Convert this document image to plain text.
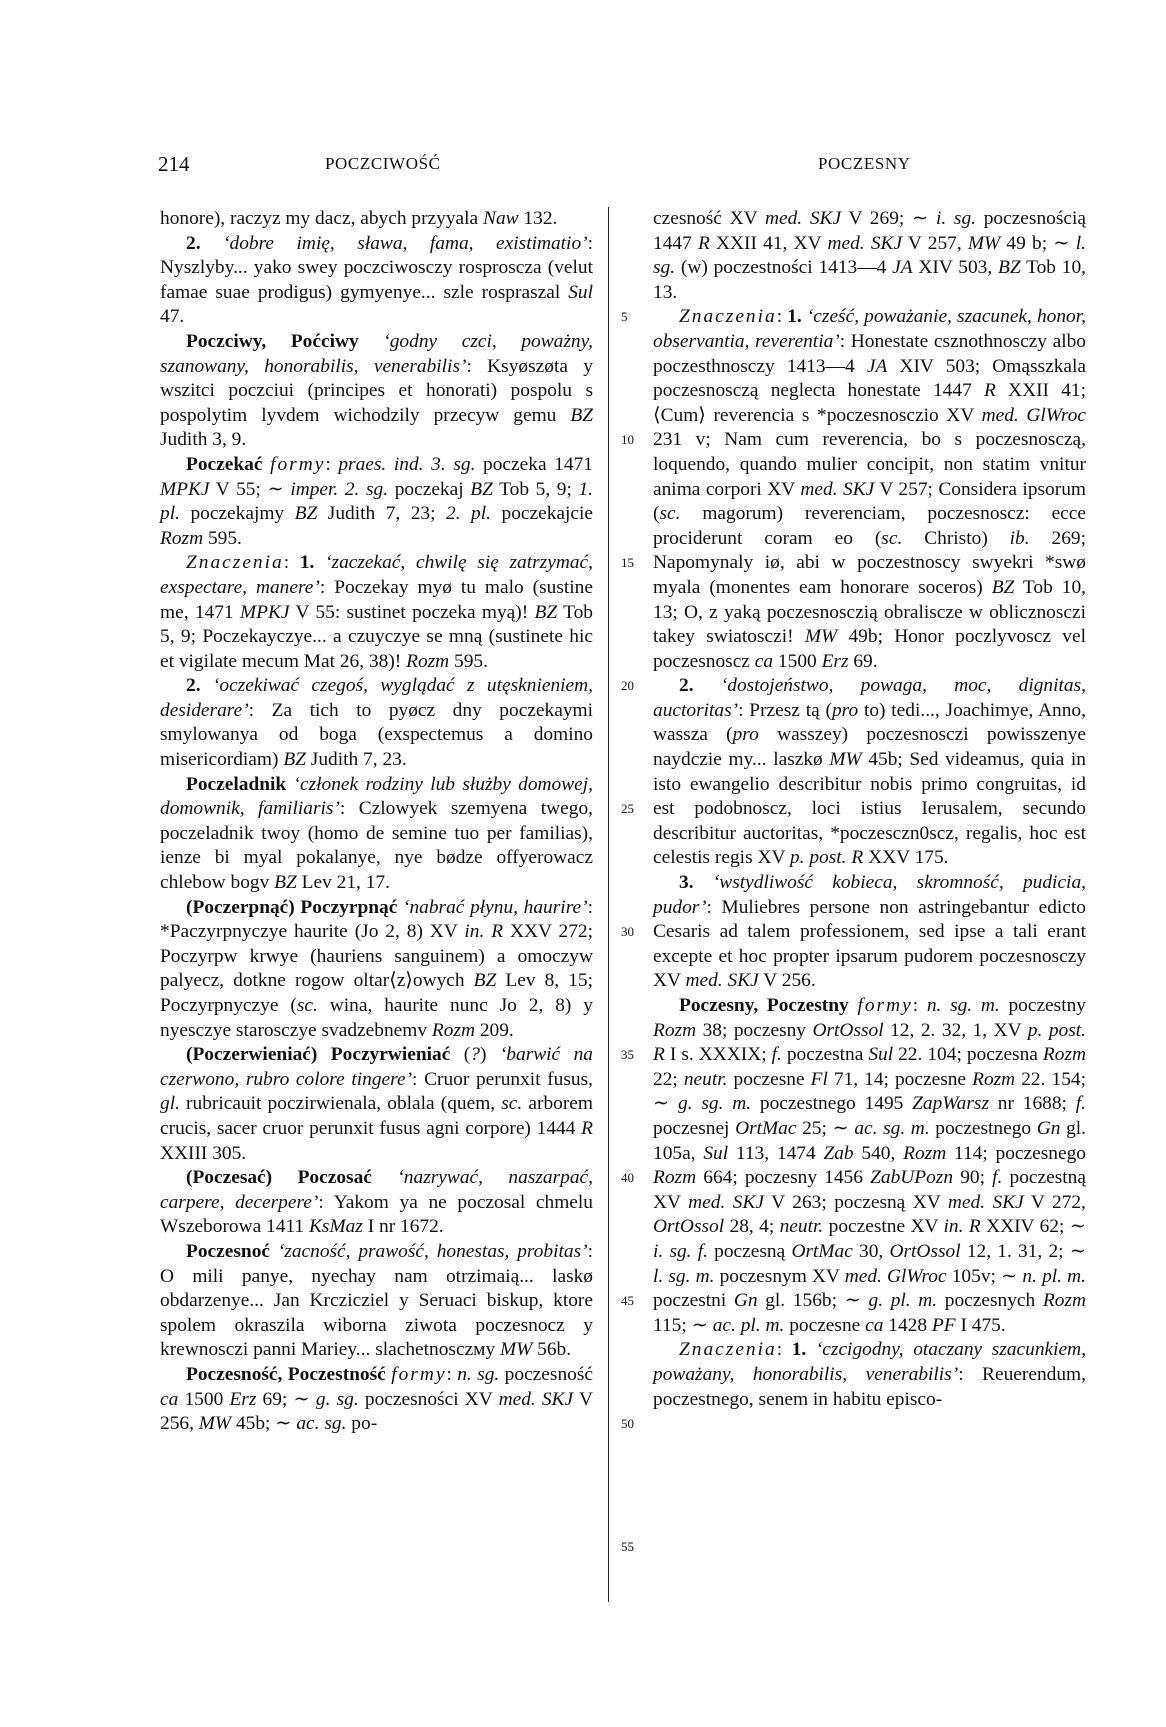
214	POCZCIWOŚĆ	POCZESNY

honore), raczyz my dacz, abych przyyala Naw 132.

2. ‘dobre imię, sława, fama, existimatio’: Nyszlyby... yako swey poczciwosczy rosproscza (velut famae suae prodigus) gymyenye... szle rospraszal Sul 47.

Poczciwy, Pоćciwy ‘godny czci, poważny, szanowany, honorabilis, venerabilis’: Ksyøszøta y wszitci poczciui (principes et honorati) pospolu s pospolytim lyvdem wichodzily przecyw gemu BZ Judith 3, 9.

Poczekać formy: praes. ind. 3. sg. poczeka 1471 MPKJ V 55; ∼ imper. 2. sg. poczekaj BZ Tob 5, 9; 1. pl. poczekajmy BZ Judith 7, 23; 2. pl. poczekajcie Rozm 595.

Znaczenia: 1. ‘zaczekać, chwilę się zatrzymać, exspectare, manere’: Poczekay myø tu malo (sustine me, 1471 MPKJ V 55: sustinet poczeka myą)! BZ Tob 5, 9; Poczekayczye... a czuyczye se mną (sustinete hic et vigilate mecum Mat 26, 38)! Rozm 595.

2. ‘oczekiwać czegoś, wyglądać z utęsknieniem, desiderare’: Za tich to pyøcz dny poczekaymi smylowanya od boga (exspectemus a domino misericordiam) BZ Judith 7, 23.

Poczeladnik ‘członek rodziny lub służby domowej, domownik, familiaris’: Czlowyek szemyena twego, poczeladnik twoy (homo de semine tuo per familias), ienze bi myal pokalanye, nye bødze offyerowacz chlebow bogv BZ Lev 21, 17.

(Poczerpnąć) Poczyrpnąć ‘nabrać płynu, haurire’: *Paczyrpnyczye haurite (Jo 2, 8) XV in. R XXV 272; Poczyrpw krwye (hauriens sanguinem) a omoczyw palyecz, dotkne rogow oltar⟨z⟩owych BZ Lev 8, 15; Poczyrpnyczye (sc. wina, haurite nunc Jo 2, 8) y nyesczye starosczye svadzebnemv Rozm 209.

(Poczerwieniać) Poczyrwieniać (?) ‘barwić na czerwono, rubro colore tingere’: Cruor perunxit fusus, gl. rubricauit poczirwienala, oblala (quem, sc. arborem crucis, sacer cruor perunxit fusus agni corpore) 1444 R XXIII 305.

(Poczesać) Poczosać ‘nazrywać, naszarpać, carpere, decerpere’: Yakom ya ne poczosal chmelu Wszeborowa 1411 KsMaz I nr 1672.

Poczesnoć ‘zacność, prawość, honestas, probitas’: O mili panye, nyechay nam otrzimaią... laskø obdarzenye... Jan Krczicziel y Seruaci biskup, ktore spolem okraszila wiborna ziwota poczesnocz y krewnosczi panni Mariey... slachetnosczмy MW 56b.

Poczesność, Poczestność formy: n. sg. poczesność ca 1500 Erz 69; ∼ g. sg. poczesności XV med. SKJ V 256, MW 45b; ∼ ac. sg. po-

5
10
15
20
25
30
35
40
45
50
55

czesność XV med. SKJ V 269; ∼ i. sg. poczesnością 1447 R XXII 41, XV med. SKJ V 257, MW 49 b; ∼ l. sg. (w) poczestności 1413—4 JA XIV 503, BZ Tob 10, 13.

Znaczenia: 1. ‘cześć, poważanie, szacunek, honor, observantia, reverentia’: Honestate csznothnosczy albo poczesthnosczy 1413—4 JA XIV 503; Omąsszkala poczesnosczą neglecta honestate 1447 R XXII 41; ⟨Cum⟩ reverencia s *poczesnosczio XV med. GlWroc 231 v; Nam cum reverencia, bo s poczesnosczą, loquendo, quando mulier concipit, non statim vnitur anima corpori XV med. SKJ V 257; Considera ipsorum (sc. magorum) reverenciam, poczesnoscz: ecce prociderunt coram eo (sc. Christo) ib. 269; Napomynaly iø, abi w poczestnoscy swyekri *swø myala (monentes eam honorare soceros) BZ Tob 10, 13; O, z yaką poczesnosczią obraliscze w oblicznosczi takey swiatosczi! MW 49b; Honor poczlyvoscz vel poczesnoscz ca 1500 Erz 69.

2. ‘dostojeństwo, powaga, moc, dignitas, auctoritas’: Przesz tą (pro to) tedi..., Joachimye, Anno, wassza (pro wasszey) poczesnosczi powisszenye naydczie my... laszkø MW 45b; Sed videamus, quia in isto ewangelio describitur nobis primo congruitas, id est podobnoscz, loci istius Ierusalem, secundo describitur auctoritas, *poczesczn0scz, regalis, hoc est celestis regis XV p. post. R XXV 175.

3. ‘wstydliwość kobieca, skromność, pudicia, pudor’: Muliebres persone non astringebantur edicto Cesaris ad talem professionem, sed ipse a tali erant excepte et hoc propter ipsarum pudorem poczesnosczy XV med. SKJ V 256.

Poczesny, Poczestny formy: n. sg. m. poczestny Rozm 38; poczesny OrtOssol 12, 2. 32, 1, XV p. post. R I s. XXXIX; f. poczestna Sul 22. 104; poczesna Rozm 22; neutr. poczesne Fl 71, 14; poczesne Rozm 22. 154; ∼ g. sg. m. poczestnego 1495 ZapWarsz nr 1688; f. poczesnej OrtMac 25; ∼ ac. sg. m. poczestnego Gn gl. 105a, Sul 113, 1474 Zab 540, Rozm 114; poczesnego Rozm 664; poczesny 1456 ZabUPozn 90; f. poczestną XV med. SKJ V 263; poczesną XV med. SKJ V 272, OrtOssol 28, 4; neutr. poczestne XV in. R XXIV 62; ∼ i. sg. f. poczesną OrtMac 30, OrtOssol 12, 1. 31, 2; ∼ l. sg. m. poczesnym XV med. GlWroc 105v; ∼ n. pl. m. poczestni Gn gl. 156b; ∼ g. pl. m. poczesnych Rozm 115; ∼ ac. pl. m. poczesne ca 1428 PF I 475.

Znaczenia: 1. ‘czcigodny, otaczany szacunkiem, poważany, honorabilis, venerabilis’: Reuerendum, poczestnego, senem in habitu episco-
